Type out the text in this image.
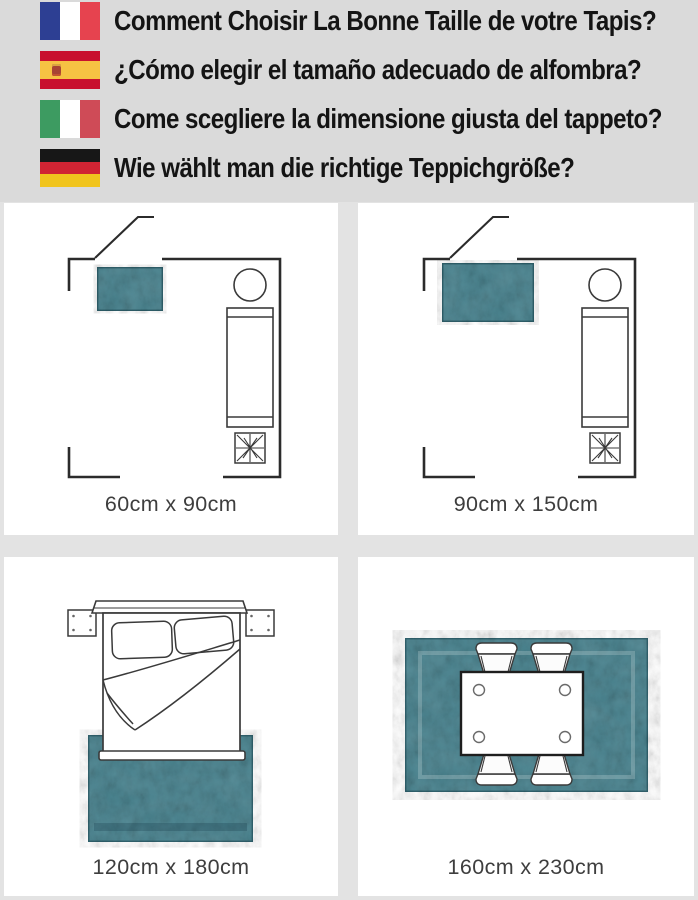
Comment Choisir La Bonne Taille de votre Tapis?
¿Cómo elegir el tamaño adecuado de alfombra?
Come scegliere la dimensione giusta del tappeto?
Wie wählt man die richtige Teppichgröße?
60cm x 90cm	90cm x 150cm
120cm x 180cm	160cm x 230cm
